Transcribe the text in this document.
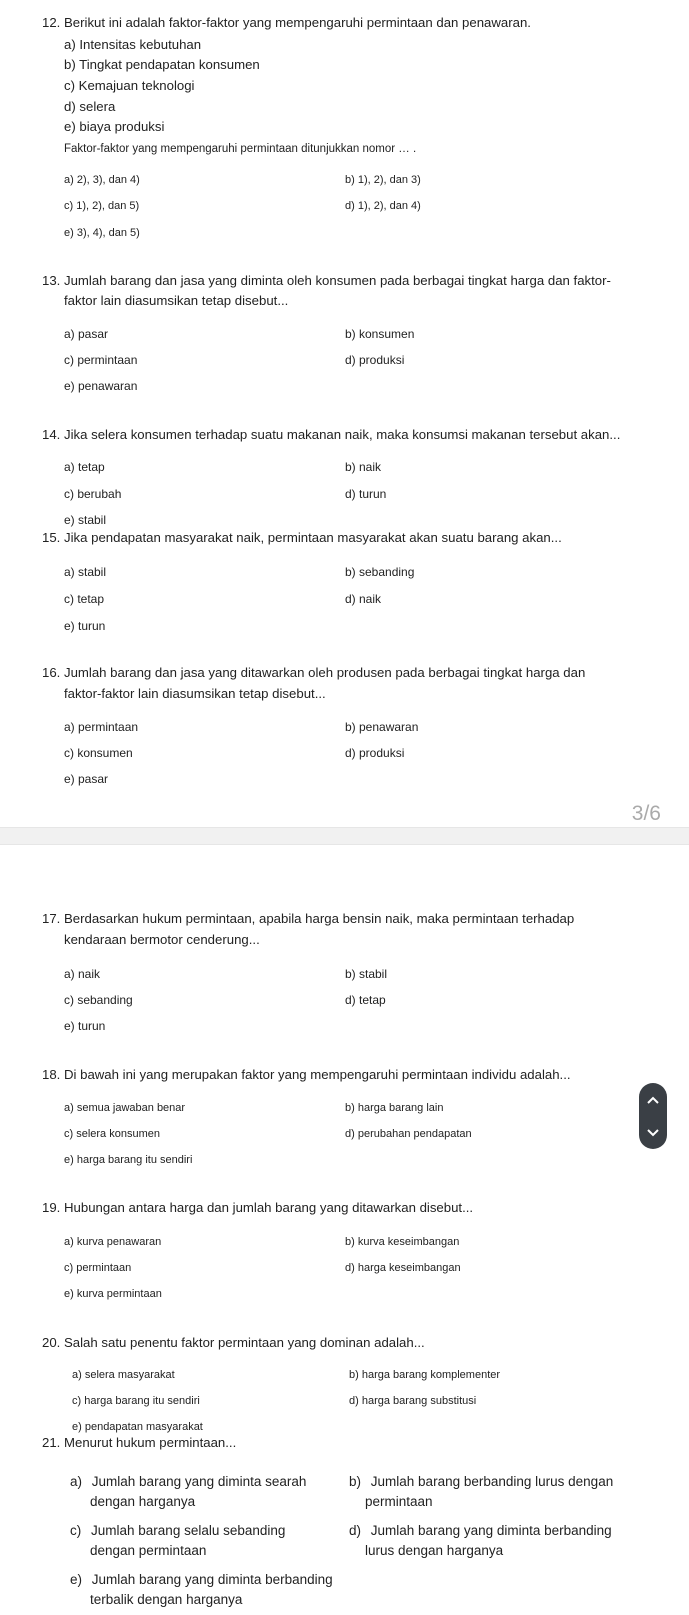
12. Berikut ini adalah faktor-faktor yang mempengaruhi permintaan dan penawaran.
a) Intensitas kebutuhan
b) Tingkat pendapatan konsumen
c) Kemajuan teknologi
d) selera
e) biaya produksi
Faktor-faktor yang mempengaruhi permintaan ditunjukkan nomor … .
a) 2), 3), dan 4)	b) 1), 2), dan 3)
c) 1), 2), dan 5)	d) 1), 2), dan 4)
e) 3), 4), dan 5)
13. Jumlah barang dan jasa yang diminta oleh konsumen pada berbagai tingkat harga dan faktor-
faktor lain diasumsikan tetap disebut...
a) pasar	b) konsumen
c) permintaan	d) produksi
e) penawaran
14. Jika selera konsumen terhadap suatu makanan naik, maka konsumsi makanan tersebut akan...
a) tetap	b) naik
c) berubah	d) turun
e) stabil
15. Jika pendapatan masyarakat naik, permintaan masyarakat akan suatu barang akan...
a) stabil	b) sebanding
c) tetap	d) naik
e) turun
16. Jumlah barang dan jasa yang ditawarkan oleh produsen pada berbagai tingkat harga dan
faktor-faktor lain diasumsikan tetap disebut...
a) permintaan	b) penawaran
c) konsumen	d) produksi
e) pasar
3/6
17. Berdasarkan hukum permintaan, apabila harga bensin naik, maka permintaan terhadap
kendaraan bermotor cenderung...
a) naik	b) stabil
c) sebanding	d) tetap
e) turun
18. Di bawah ini yang merupakan faktor yang mempengaruhi permintaan individu adalah...
a) semua jawaban benar	b) harga barang lain
c) selera konsumen	d) perubahan pendapatan
e) harga barang itu sendiri
19. Hubungan antara harga dan jumlah barang yang ditawarkan disebut...
a) kurva penawaran	b) kurva keseimbangan
c) permintaan	d) harga keseimbangan
e) kurva permintaan
20. Salah satu penentu faktor permintaan yang dominan adalah...
a) selera masyarakat	b) harga barang komplementer
c) harga barang itu sendiri	d) harga barang substitusi
e) pendapatan masyarakat
21. Menurut hukum permintaan...
a) Jumlah barang yang diminta searah
dengan harganya
b) Jumlah barang berbanding lurus dengan
permintaan
c) Jumlah barang selalu sebanding
dengan permintaan
d) Jumlah barang yang diminta berbanding
lurus dengan harganya
e) Jumlah barang yang diminta berbanding
terbalik dengan harganya
